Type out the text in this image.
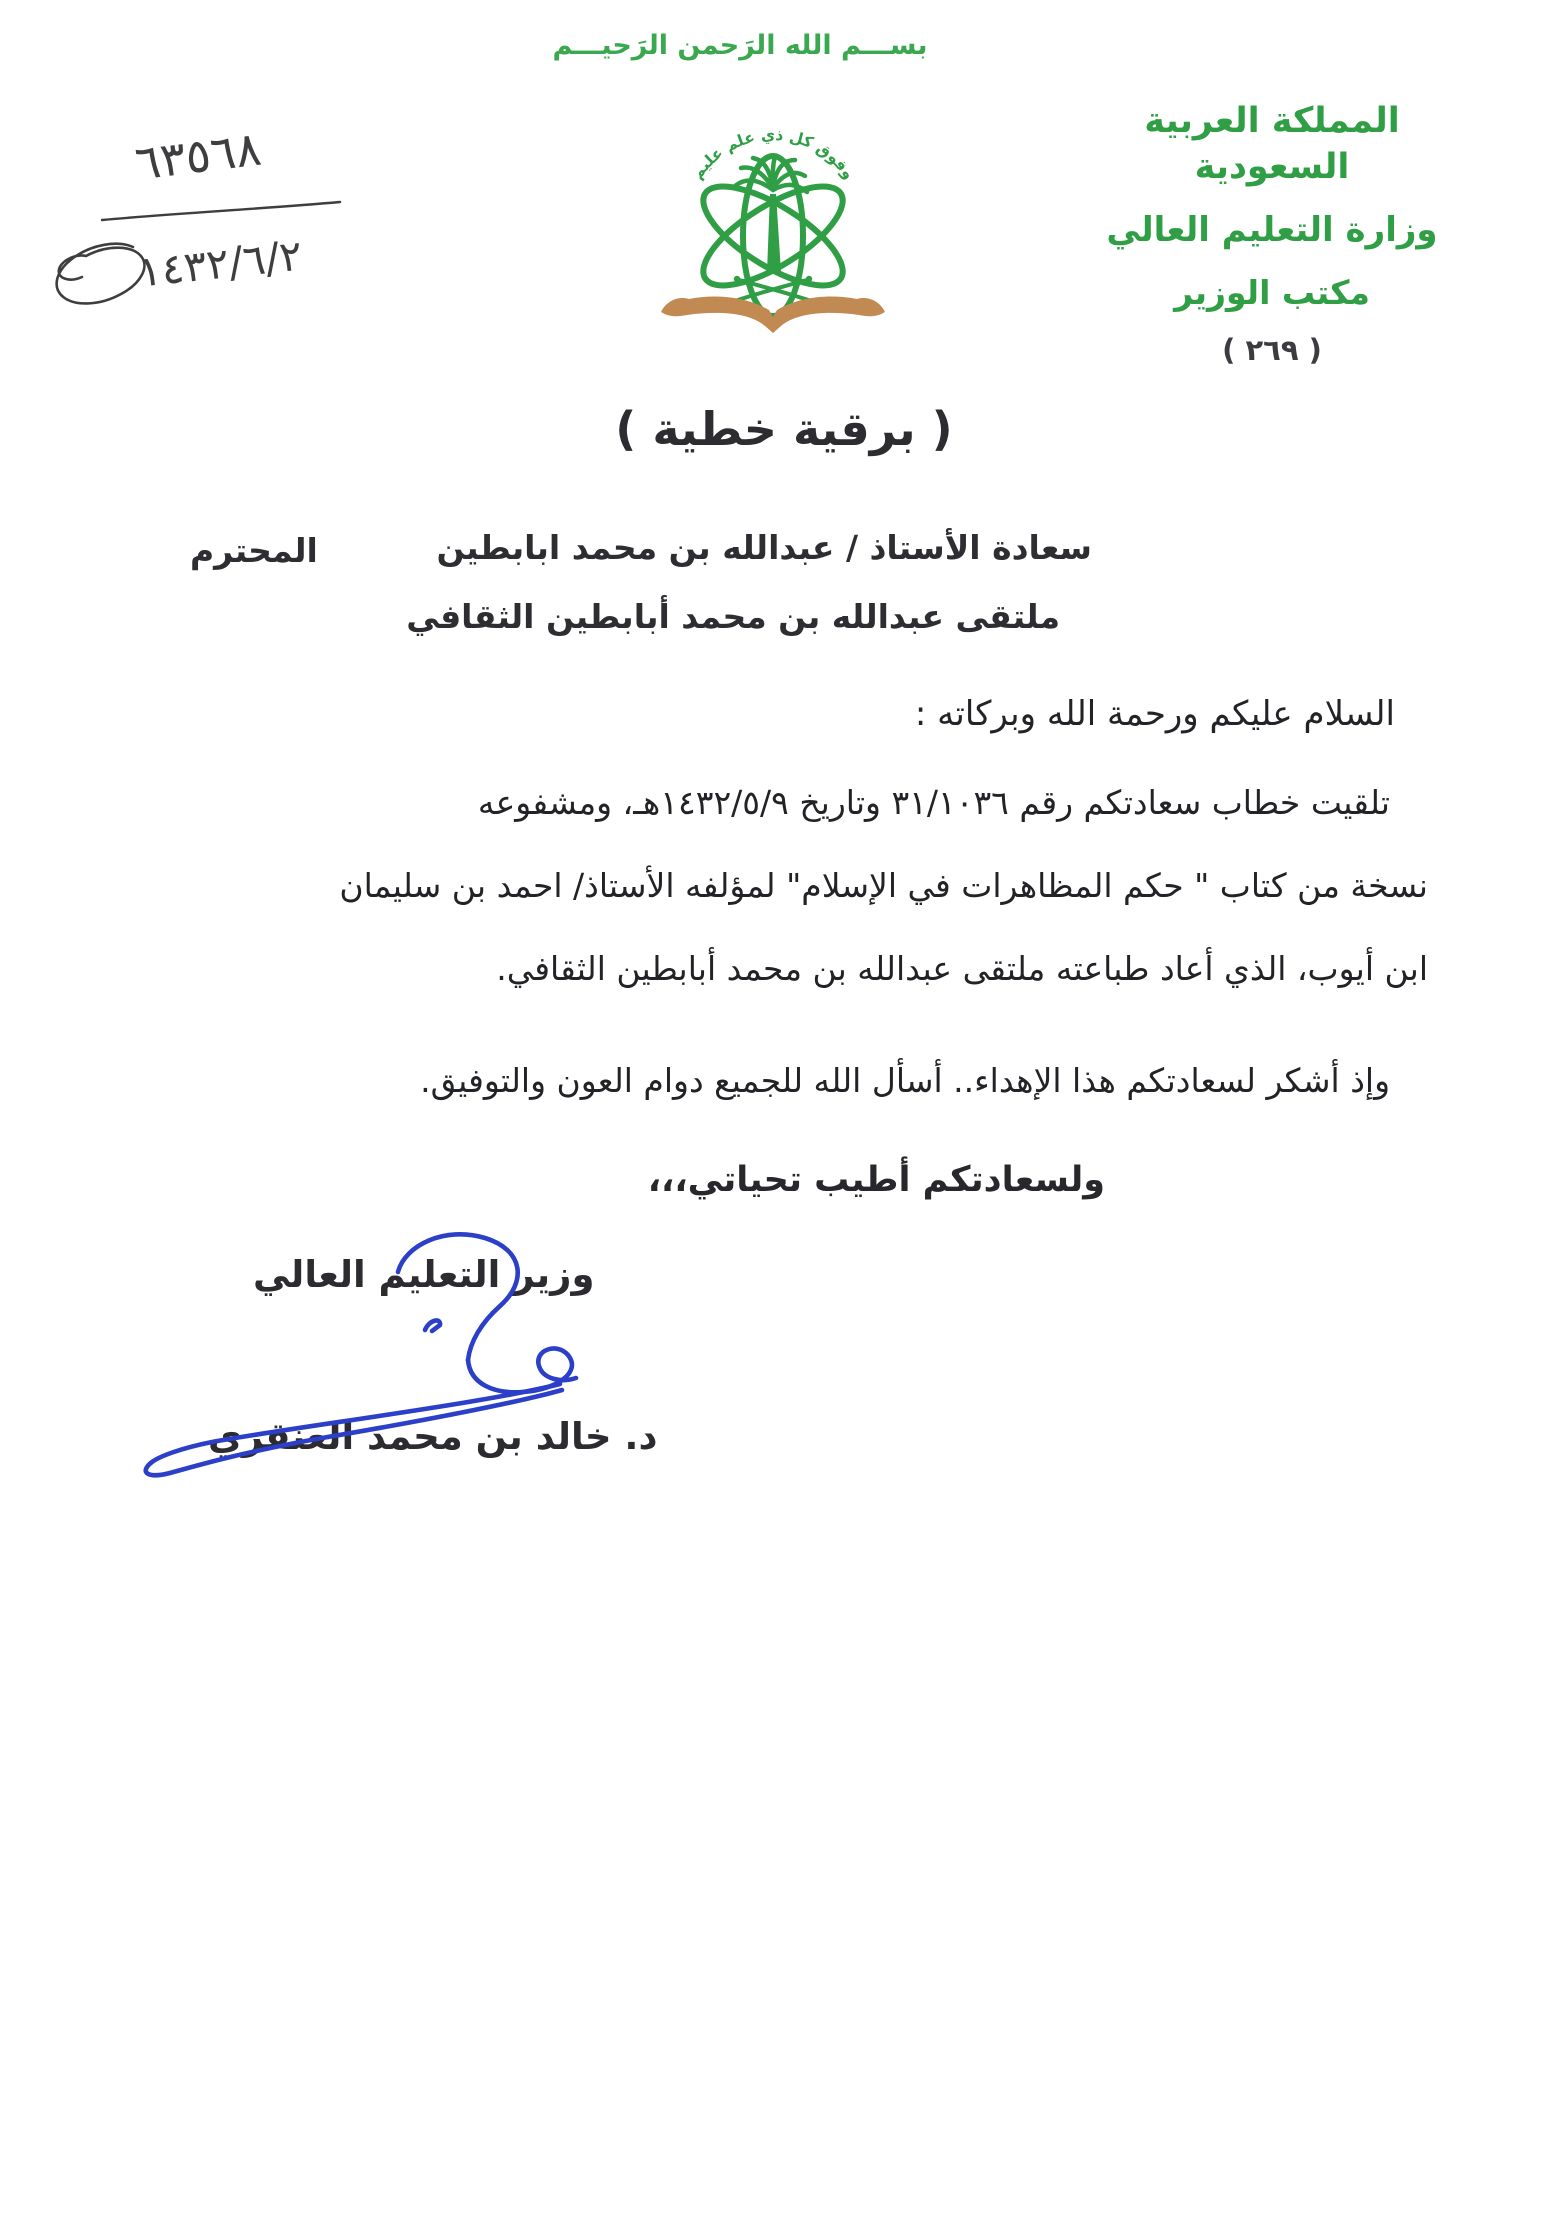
بســـم الله الرَحمن الرَحيـــم
وفوق كل ذي علم عليم
المملكة العربية السعودية
وزارة التعليم العالي
مكتب الوزير
( ٢٦٩ )
( برقية خطية )
سعادة الأستاذ / عبدالله بن محمد ابابطين
المحترم
ملتقى عبدالله بن محمد أبابطين الثقافي
السلام عليكم ورحمة الله وبركاته :
تلقيت خطاب سعادتكم رقم ٣١/١٠٣٦ وتاريخ ١٤٣٢/٥/٩هـ، ومشفوعه
نسخة من كتاب " حكم المظاهرات في الإسلام" لمؤلفه الأستاذ/ احمد بن سليمان
ابن أيوب، الذي أعاد طباعته ملتقى عبدالله بن محمد أبابطين الثقافي.
وإذ أشكر لسعادتكم هذا الإهداء.. أسأل الله للجميع دوام العون والتوفيق.
ولسعادتكم أطيب تحياتي،،،
وزير التعليم العالي
د. خالد بن محمد العنقري
٦٣٥٦٨
١٤٣٢/٦/٢
